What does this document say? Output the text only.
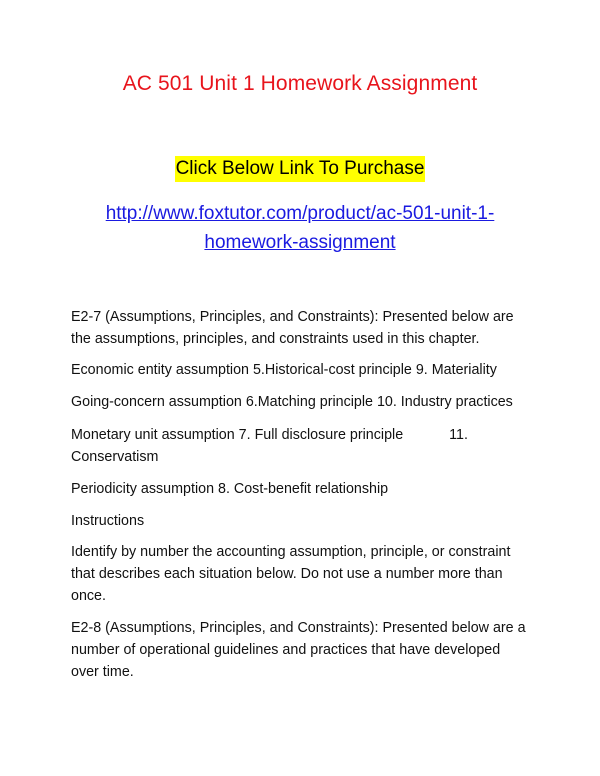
AC 501 Unit 1 Homework Assignment
Click Below Link To Purchase
http://www.foxtutor.com/product/ac-501-unit-1-homework-assignment

E2-7 (Assumptions, Principles, and Constraints): Presented below are the assumptions, principles, and constraints used in this chapter.

Economic entity assumption 5.Historical-cost principle 9. Materiality

Going-concern assumption 6.Matching principle 10. Industry practices

Monetary unit assumption 7. Full disclosure principle	11. Conservatism

Periodicity assumption 8. Cost-benefit relationship

Instructions

Identify by number the accounting assumption, principle, or constraint that describes each situation below. Do not use a number more than once.

E2-8 (Assumptions, Principles, and Constraints): Presented below are a number of operational guidelines and practices that have developed over time.
